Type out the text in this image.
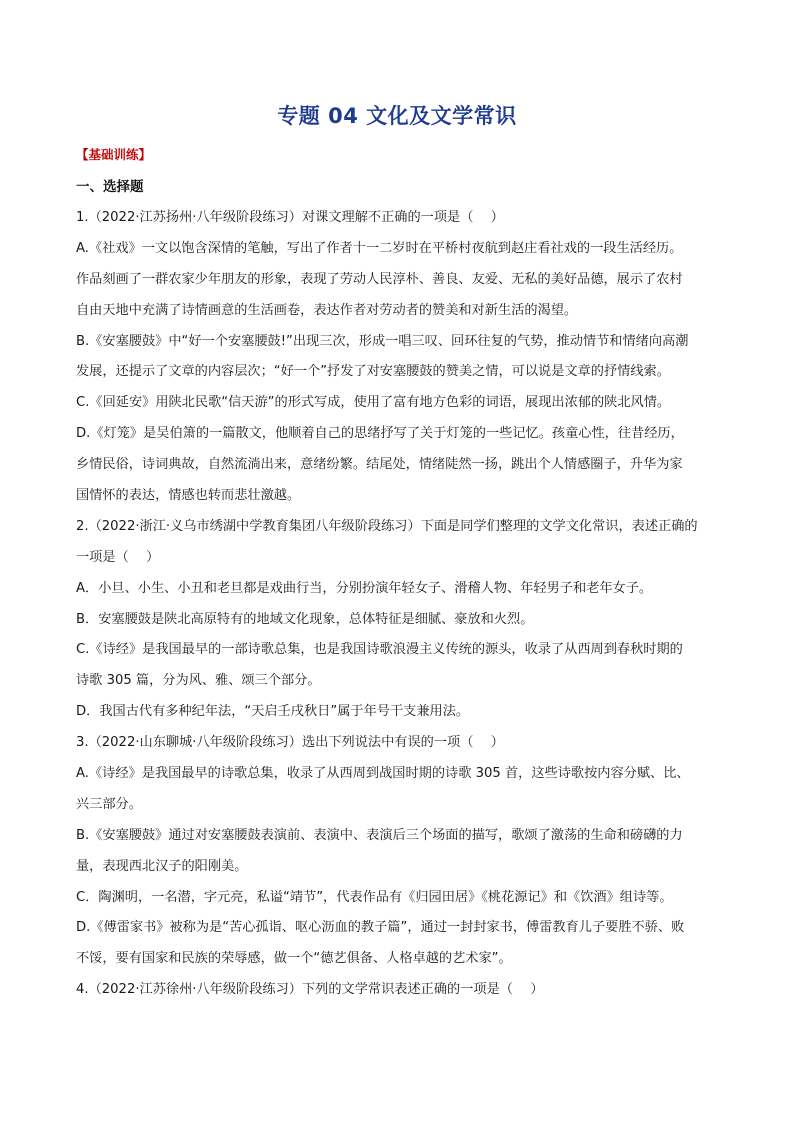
专题 04 文化及文学常识
【基础训练】
一、选择题
1.（2022·江苏扬州·八年级阶段练习）对课文理解不正确的一项是（　 ）
A.《社戏》一文以饱含深情的笔触，写出了作者十一二岁时在平桥村夜航到赵庄看社戏的一段生活经历。
作品刻画了一群农家少年朋友的形象，表现了劳动人民淳朴、善良、友爱、无私的美好品德，展示了农村
自由天地中充满了诗情画意的生活画卷，表达作者对劳动者的赞美和对新生活的渴望。
B.《安塞腰鼓》中“好一个安塞腰鼓!”出现三次，形成一唱三叹、回环往复的气势，推动情节和情绪向高潮
发展，还提示了文章的内容层次；“好一个”抒发了对安塞腰鼓的赞美之情，可以说是文章的抒情线索。
C.《回延安》用陕北民歌“信天游”的形式写成，使用了富有地方色彩的词语，展现出浓郁的陕北风情。
D.《灯笼》是吴伯箫的一篇散文，他顺着自己的思绪抒写了关于灯笼的一些记忆。孩童心性，往昔经历，
乡情民俗，诗词典故，自然流淌出来，意绪纷繁。结尾处，情绪陡然一扬，跳出个人情感圈子，升华为家
国情怀的表达，情感也转而悲壮激越。
2.（2022·浙江·义乌市绣湖中学教育集团八年级阶段练习）下面是同学们整理的文学文化常识，表述正确的
一项是（　 ）
A．小旦、小生、小丑和老旦都是戏曲行当，分别扮演年轻女子、滑稽人物、年轻男子和老年女子。
B．安塞腰鼓是陕北高原特有的地域文化现象，总体特征是细腻、豪放和火烈。
C.《诗经》是我国最早的一部诗歌总集，也是我国诗歌浪漫主义传统的源头，收录了从西周到春秋时期的
诗歌 305 篇，分为风、雅、颂三个部分。
D．我国古代有多种纪年法，“天启壬戌秋日”属于年号干支兼用法。
3.（2022·山东聊城·八年级阶段练习）选出下列说法中有误的一项（　 ）
A.《诗经》是我国最早的诗歌总集，收录了从西周到战国时期的诗歌 305 首，这些诗歌按内容分赋、比、
兴三部分。
B.《安塞腰鼓》通过对安塞腰鼓表演前、表演中、表演后三个场面的描写，歌颂了激荡的生命和磅礴的力
量，表现西北汉子的阳刚美。
C．陶渊明，一名潜，字元亮，私谥“靖节”，代表作品有《归园田居》《桃花源记》和《饮酒》组诗等。
D.《傅雷家书》被称为是“苦心孤诣、呕心沥血的教子篇”，通过一封封家书，傅雷教育儿子要胜不骄、败
不馁，要有国家和民族的荣辱感，做一个“德艺俱备、人格卓越的艺术家”。
4.（2022·江苏徐州·八年级阶段练习）下列的文学常识表述正确的一项是（　 ）
